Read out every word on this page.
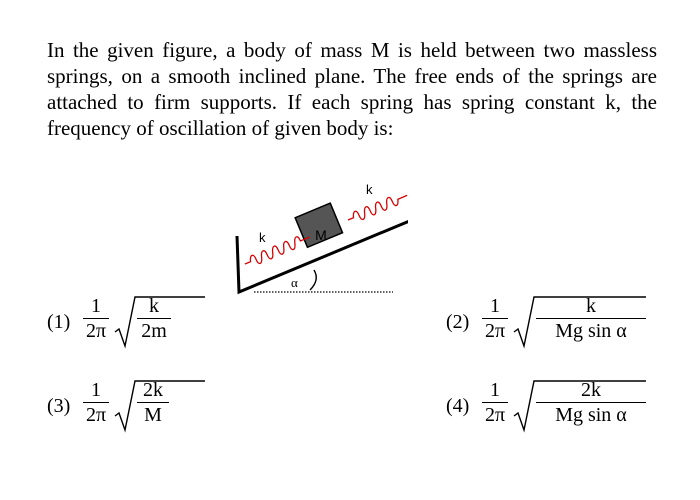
In the given figure, a body of mass M is held between two massless springs, on a smooth inclined plane. The free ends of the springs are attached to firm supports. If each spring has spring constant k, the frequency of oscillation of given body is:

M
k
k
α
(1)
1
2π
k
2m	(2)
1
2π
k
Mg sin α
(3)
1
2π
2k
M	(4)
1
2π
2k
Mg sin α
